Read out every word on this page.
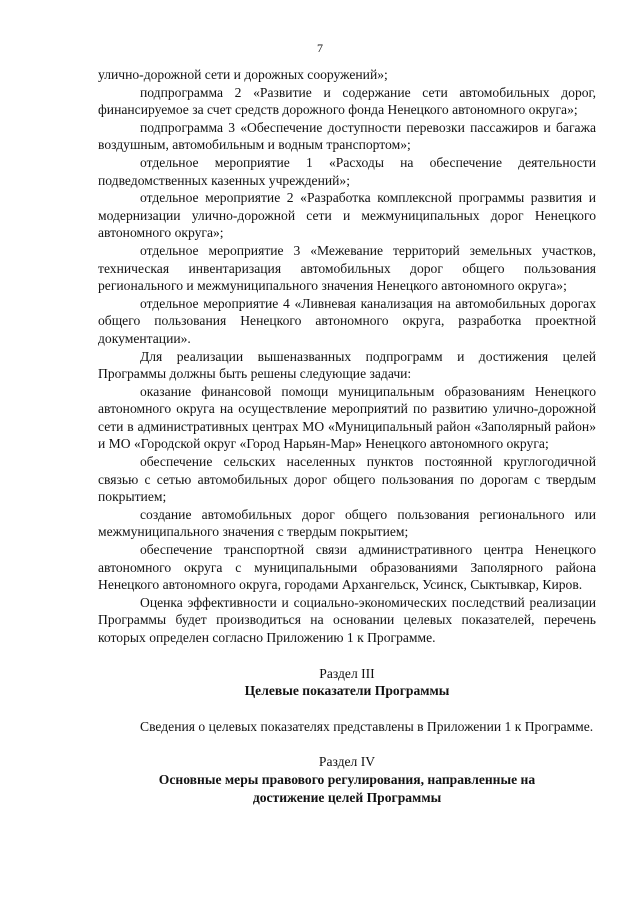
7

улично-дорожной сети и дорожных сооружений»;

подпрограмма 2 «Развитие и содержание сети автомобильных дорог, финансируемое за счет средств дорожного фонда Ненецкого автономного округа»;

подпрограмма 3 «Обеспечение доступности перевозки пассажиров и багажа воздушным, автомобильным и водным транспортом»;

отдельное мероприятие 1 «Расходы на обеспечение деятельности подведомственных казенных учреждений»;

отдельное мероприятие 2 «Разработка комплексной программы развития и модернизации улично-дорожной сети и межмуниципальных дорог Ненецкого автономного округа»;

отдельное мероприятие 3 «Межевание территорий земельных участков, техническая инвентаризация автомобильных дорог общего пользования регионального и межмуниципального значения Ненецкого автономного округа»;

отдельное мероприятие 4 «Ливневая канализация на автомобильных дорогах общего пользования Ненецкого автономного округа, разработка проектной документации».

Для реализации вышеназванных подпрограмм и достижения целей Программы должны быть решены следующие задачи:

оказание финансовой помощи муниципальным образованиям Ненецкого автономного округа на осуществление мероприятий по развитию улично-дорожной сети в административных центрах МО «Муниципальный район «Заполярный район» и МО «Городской округ «Город Нарьян-Мар» Ненецкого автономного округа;

обеспечение сельских населенных пунктов постоянной круглогодичной связью с сетью автомобильных дорог общего пользования по дорогам с твердым покрытием;

создание автомобильных дорог общего пользования регионального или межмуниципального значения с твердым покрытием;

обеспечение транспортной связи административного центра Ненецкого автономного округа с муниципальными образованиями Заполярного района Ненецкого автономного округа, городами Архангельск, Усинск, Сыктывкар, Киров.

Оценка эффективности и социально-экономических последствий реализации Программы будет производиться на основании целевых показателей, перечень которых определен согласно Приложению 1 к Программе.

Раздел III

Целевые показатели Программы

Сведения о целевых показателях представлены в Приложении 1 к Программе.

Раздел IV

Основные меры правового регулирования, направленные на

достижение целей Программы
